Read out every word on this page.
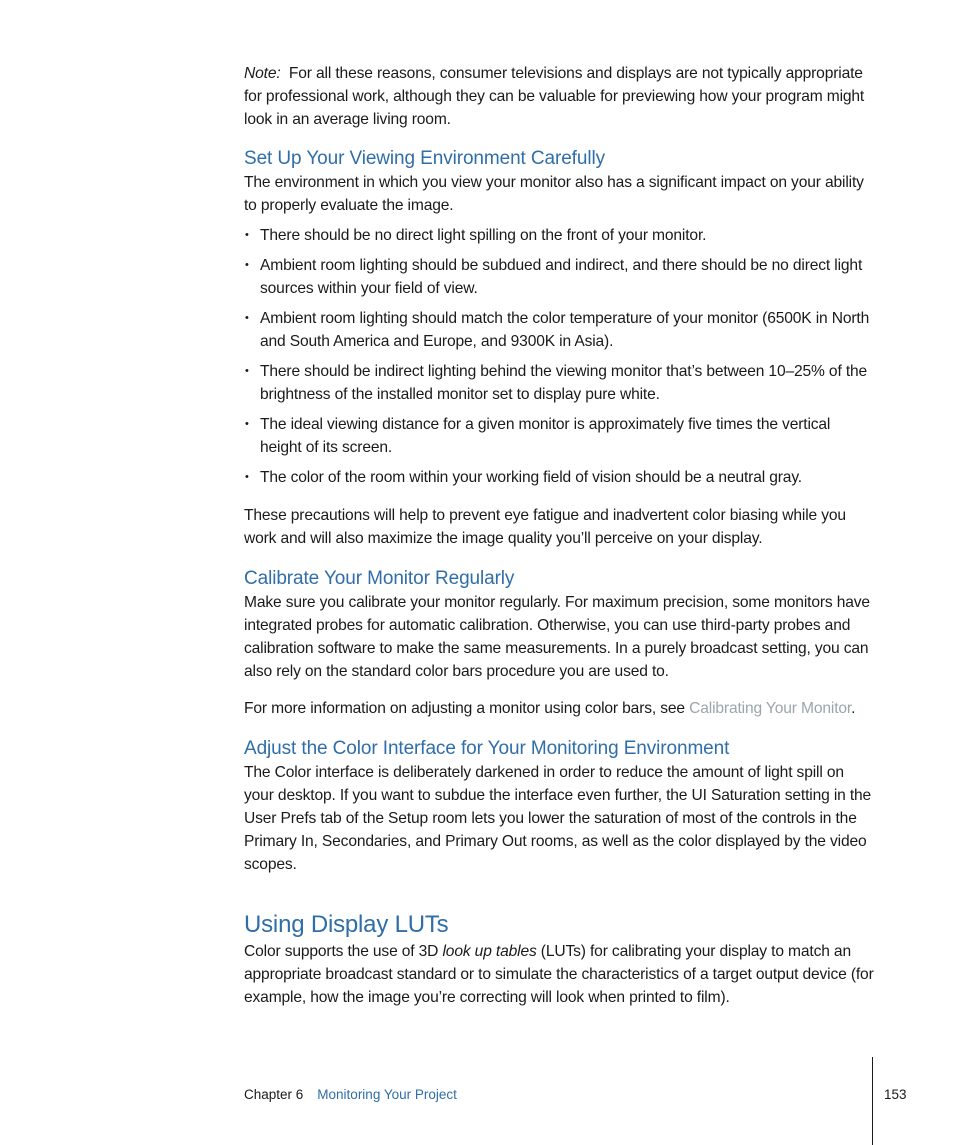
Note: For all these reasons, consumer televisions and displays are not typically appropriate for professional work, although they can be valuable for previewing how your program might look in an average living room.

Set Up Your Viewing Environment Carefully

The environment in which you view your monitor also has a significant impact on your ability to properly evaluate the image.

• There should be no direct light spilling on the front of your monitor.
• Ambient room lighting should be subdued and indirect, and there should be no direct light sources within your field of view.
• Ambient room lighting should match the color temperature of your monitor (6500K in North and South America and Europe, and 9300K in Asia).
• There should be indirect lighting behind the viewing monitor that’s between 10–25% of the brightness of the installed monitor set to display pure white.
• The ideal viewing distance for a given monitor is approximately five times the vertical height of its screen.
• The color of the room within your working field of vision should be a neutral gray.

These precautions will help to prevent eye fatigue and inadvertent color biasing while you work and will also maximize the image quality you’ll perceive on your display.

Calibrate Your Monitor Regularly

Make sure you calibrate your monitor regularly. For maximum precision, some monitors have integrated probes for automatic calibration. Otherwise, you can use third-party probes and calibration software to make the same measurements. In a purely broadcast setting, you can also rely on the standard color bars procedure you are used to.

For more information on adjusting a monitor using color bars, see Calibrating Your Monitor.

Adjust the Color Interface for Your Monitoring Environment

The Color interface is deliberately darkened in order to reduce the amount of light spill on your desktop. If you want to subdue the interface even further, the UI Saturation setting in the User Prefs tab of the Setup room lets you lower the saturation of most of the controls in the Primary In, Secondaries, and Primary Out rooms, as well as the color displayed by the video scopes.

Using Display LUTs

Color supports the use of 3D look up tables (LUTs) for calibrating your display to match an appropriate broadcast standard or to simulate the characteristics of a target output device (for example, how the image you’re correcting will look when printed to film).

Chapter 6 Monitoring Your Project	153
